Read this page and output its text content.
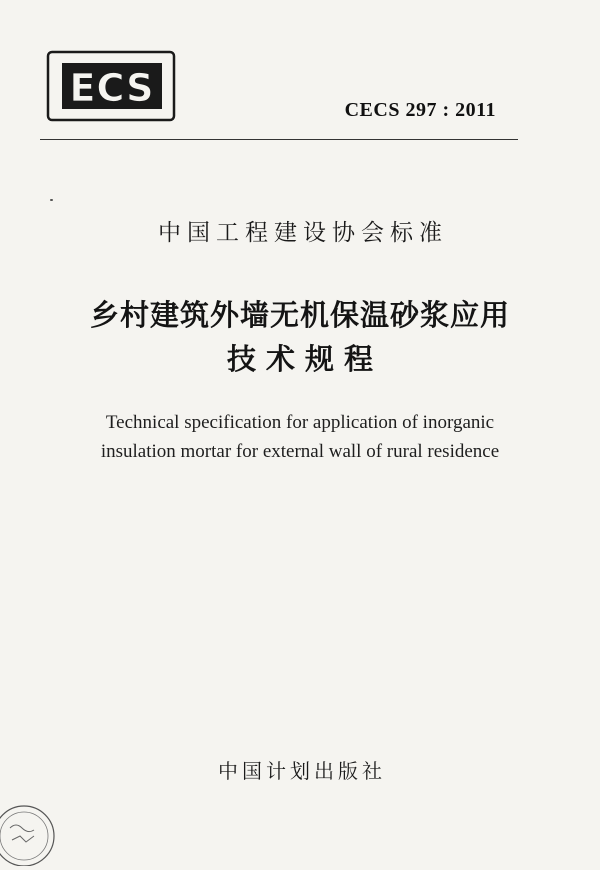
ECS	CECS 297 : 2011
中国工程建设协会标准
乡村建筑外墙无机保温砂浆应用
技术规程
Technical specification for application of inorganic
insulation mortar for external wall of rural residence
中国计划出版社
